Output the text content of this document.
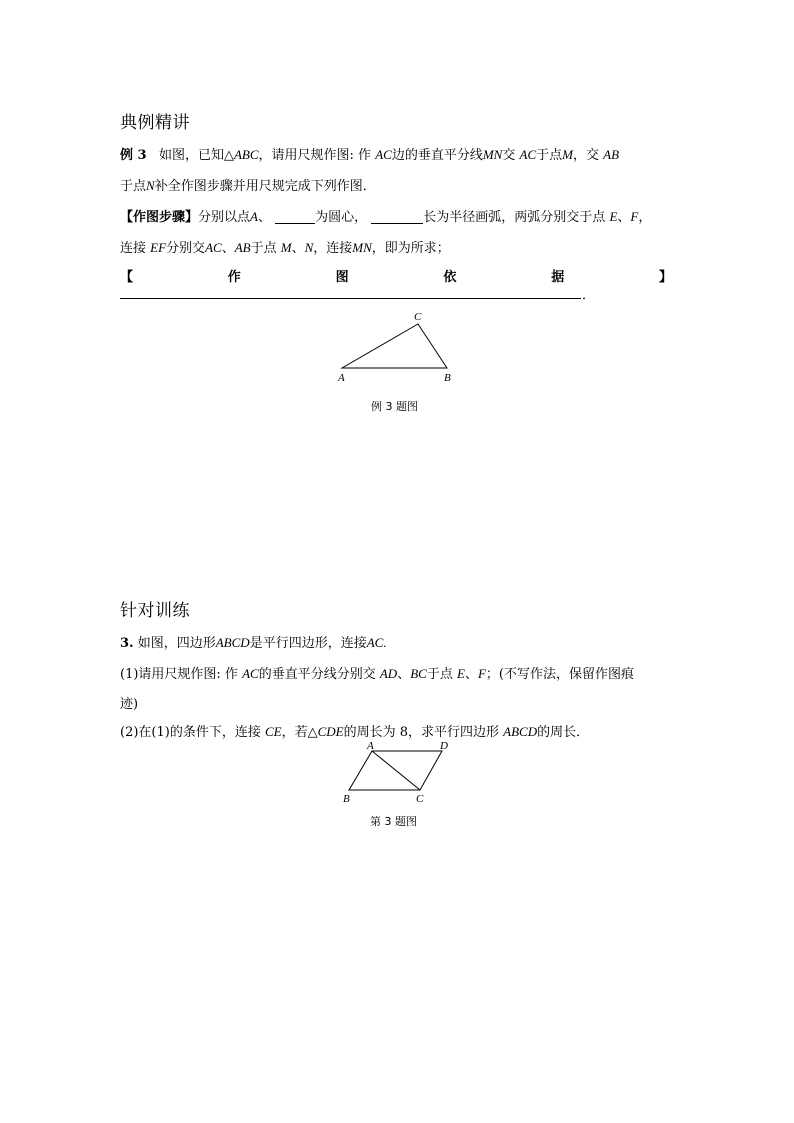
典例精讲
例 3 如图，已知△ABC，请用尺规作图: 作 AC边的垂直平分线MN交 AC于点M，交 AB
于点N补全作图步骤并用尺规完成下列作图．
【作图步骤】分别以点A、	为圆心，	长为半径画弧，两弧分别交于点 E、F，
连接 EF分别交AC、AB于点 M、N，连接MN，即为所求；
【	作	图	依	据	】
．
A	B
C
例 3 题图
针对训练
3. 如图，四边形ABCD是平行四边形，连接AC.
(1)请用尺规作图: 作 AC的垂直平分线分别交 AD、BC于点 E、F；(不写作法，保留作图痕
迹)
(2)在(1)的条件下，连接 CE，若△CDE的周长为 8，求平行四边形 ABCD的周长．
A	D
B	C
第 3 题图
